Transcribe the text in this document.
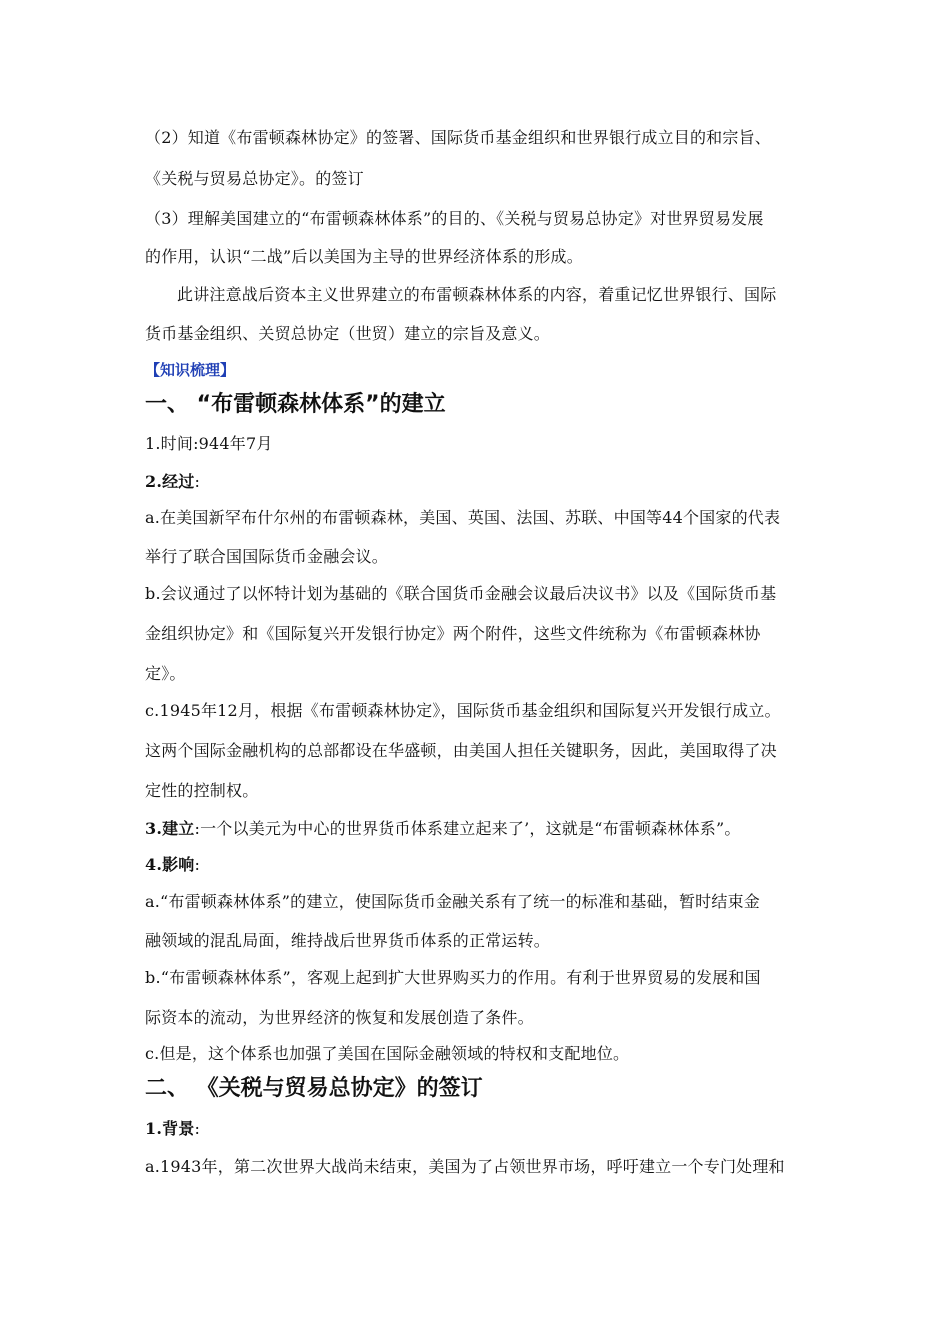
（2）知道《布雷顿森林协定》的签署、国际货币基金组织和世界银行成立目的和宗旨、
《关税与贸易总协定》。的签订
（3）理解美国建立的“布雷顿森林体系”的目的、《关税与贸易总协定》对世界贸易发展
的作用，认识“二战”后以美国为主导的世界经济体系的形成。
此讲注意战后资本主义世界建立的布雷顿森林体系的内容，着重记忆世界银行、国际
货币基金组织、关贸总协定（世贸）建立的宗旨及意义。
【知识梳理】
一、 “布雷顿森林体系”的建立
1.时间:944年7月
2.经过:
a.在美国新罕布什尔州的布雷顿森林，美国、英国、法国、苏联、中国等44个国家的代表
举行了联合国国际货币金融会议。
b.会议通过了以怀特计划为基础的《联合国货币金融会议最后决议书》以及《国际货币基
金组织协定》和《国际复兴开发银行协定》两个附件，这些文件统称为《布雷顿森林协
定》。
c.1945年12月，根据《布雷顿森林协定》，国际货币基金组织和国际复兴开发银行成立。
这两个国际金融机构的总部都设在华盛顿，由美国人担任关键职务，因此，美国取得了决
定性的控制权。
3.建立:一个以美元为中心的世界货币体系建立起来了’，这就是“布雷顿森林体系”。
4.影响:
a.“布雷顿森林体系”的建立，使国际货币金融关系有了统一的标准和基础，暂时结束金
融领域的混乱局面，维持战后世界货币体系的正常运转。
b.“布雷顿森林体系”，客观上起到扩大世界购买力的作用。有利于世界贸易的发展和国
际资本的流动，为世界经济的恢复和发展创造了条件。
c.但是，这个体系也加强了美国在国际金融领域的特权和支配地位。
二、 《关税与贸易总协定》的签订
1.背景:
a.1943年，第二次世界大战尚未结束，美国为了占领世界市场，呼吁建立一个专门处理和
